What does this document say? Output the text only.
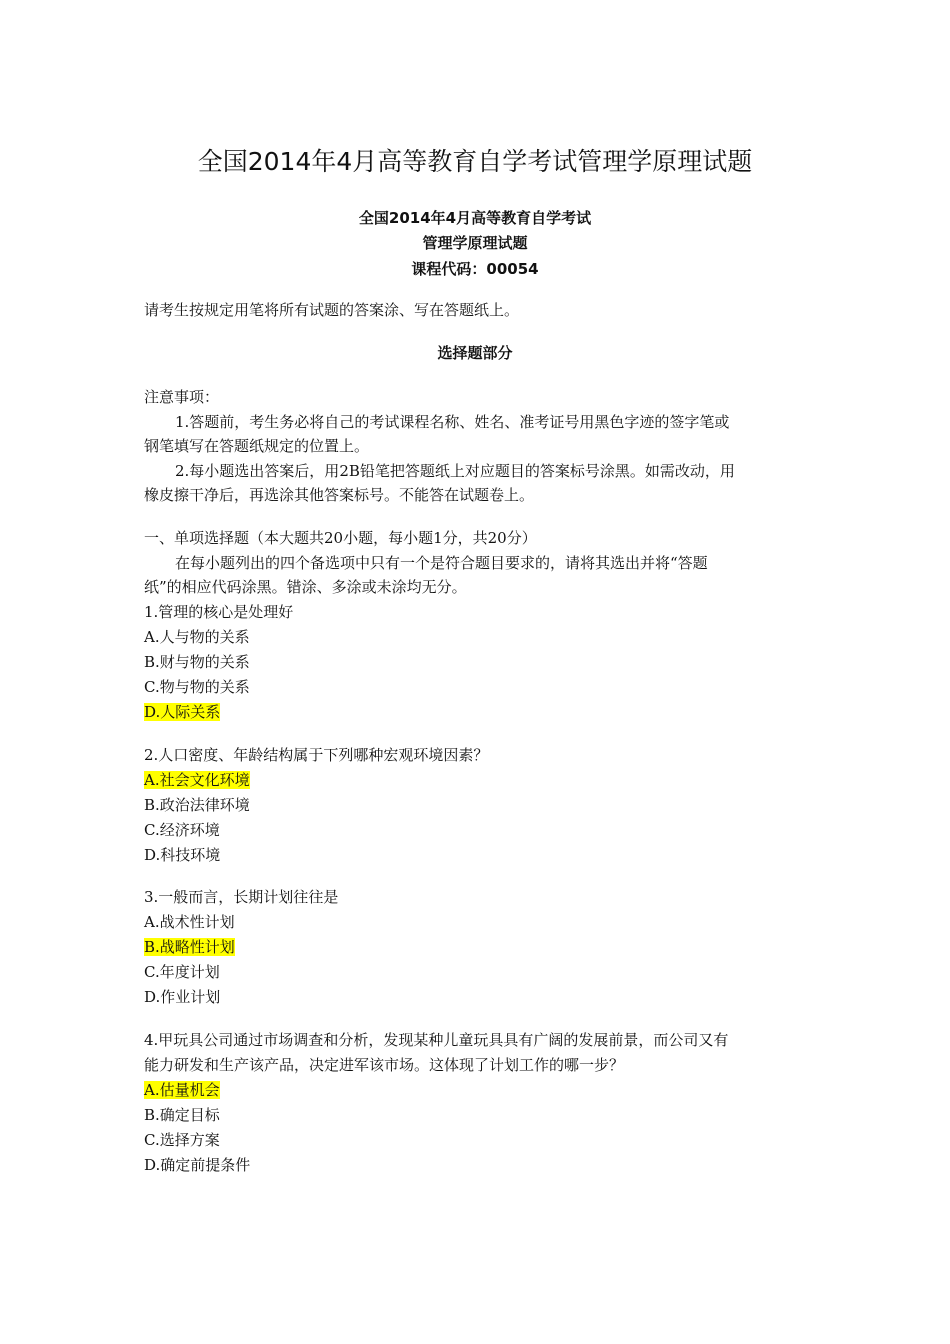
全国2014年4月高等教育自学考试管理学原理试题
全国2014年4月高等教育自学考试
管理学原理试题
课程代码：00054
请考生按规定用笔将所有试题的答案涂、写在答题纸上。
选择题部分
注意事项：
1.答题前，考生务必将自己的考试课程名称、姓名、准考证号用黑色字迹的签字笔或
钢笔填写在答题纸规定的位置上。
2.每小题选出答案后，用2B铅笔把答题纸上对应题目的答案标号涂黑。如需改动，用
橡皮擦干净后，再选涂其他答案标号。不能答在试题卷上。
一、单项选择题（本大题共20小题，每小题1分，共20分）
在每小题列出的四个备选项中只有一个是符合题目要求的，请将其选出并将“答题
纸”的相应代码涂黑。错涂、多涂或未涂均无分。
1.管理的核心是处理好
A.人与物的关系
B.财与物的关系
C.物与物的关系
D.人际关系
2.人口密度、年龄结构属于下列哪种宏观环境因素？
A.社会文化环境
B.政治法律环境
C.经济环境
D.科技环境
3.一般而言，长期计划往往是
A.战术性计划
B.战略性计划
C.年度计划
D.作业计划
4.甲玩具公司通过市场调查和分析，发现某种儿童玩具具有广阔的发展前景，而公司又有
能力研发和生产该产品，决定进军该市场。这体现了计划工作的哪一步？
A.估量机会
B.确定目标
C.选择方案
D.确定前提条件
